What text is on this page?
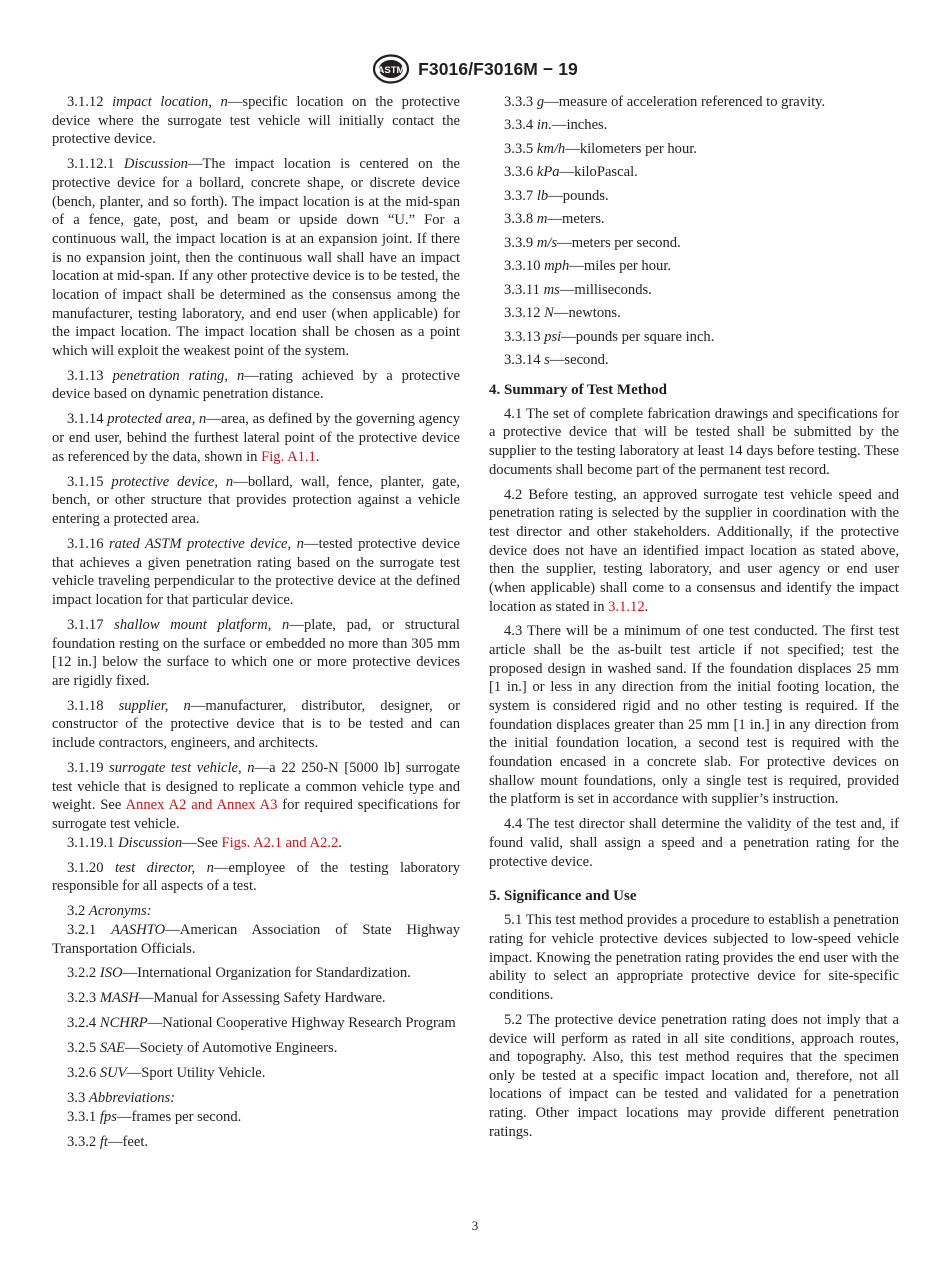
ASTM F3016/F3016M − 19

3.1.12 impact location, n—specific location on the protective device where the surrogate test vehicle will initially contact the protective device.

3.1.12.1 Discussion—The impact location is centered on the protective device for a bollard, concrete shape, or discrete device (bench, planter, and so forth). The impact location is at the mid-span of a fence, gate, post, and beam or upside down “U.” For a continuous wall, the impact location is at an expansion joint. If there is no expansion joint, then the continuous wall shall have an impact location at mid-span. If any other protective device is to be tested, the location of impact shall be determined as the consensus among the manufacturer, testing laboratory, and end user (when applicable) for the impact location. The impact location shall be chosen as a point which will exploit the weakest point of the system.

3.1.13 penetration rating, n—rating achieved by a protective device based on dynamic penetration distance.

3.1.14 protected area, n—area, as defined by the governing agency or end user, behind the furthest lateral point of the protective device as referenced by the data, shown in Fig. A1.1.

3.1.15 protective device, n—bollard, wall, fence, planter, gate, bench, or other structure that provides protection against a vehicle entering a protected area.

3.1.16 rated ASTM protective device, n—tested protective device that achieves a given penetration rating based on the surrogate test vehicle traveling perpendicular to the protective device at the defined impact location for that particular device.

3.1.17 shallow mount platform, n—plate, pad, or structural foundation resting on the surface or embedded no more than 305 mm [12 in.] below the surface to which one or more protective devices are rigidly fixed.

3.1.18 supplier, n—manufacturer, distributor, designer, or constructor of the protective device that is to be tested and can include contractors, engineers, and architects.

3.1.19 surrogate test vehicle, n—a 22 250-N [5000 lb] surrogate test vehicle that is designed to replicate a common vehicle type and weight. See Annex A2 and Annex A3 for required specifications for surrogate test vehicle.

3.1.19.1 Discussion—See Figs. A2.1 and A2.2.

3.1.20 test director, n—employee of the testing laboratory responsible for all aspects of a test.

3.2 Acronyms:

3.2.1 AASHTO—American Association of State Highway Transportation Officials.

3.2.2 ISO—International Organization for Standardization.

3.2.3 MASH—Manual for Assessing Safety Hardware.

3.2.4 NCHRP—National Cooperative Highway Research Program

3.2.5 SAE—Society of Automotive Engineers.

3.2.6 SUV—Sport Utility Vehicle.

3.3 Abbreviations:

3.3.1 fps—frames per second.

3.3.2 ft—feet.

3.3.3 g—measure of acceleration referenced to gravity.

3.3.4 in.—inches.

3.3.5 km/h—kilometers per hour.

3.3.6 kPa—kiloPascal.

3.3.7 lb—pounds.

3.3.8 m—meters.

3.3.9 m/s—meters per second.

3.3.10 mph—miles per hour.

3.3.11 ms—milliseconds.

3.3.12 N—newtons.

3.3.13 psi—pounds per square inch.

3.3.14 s—second.

4. Summary of Test Method

4.1 The set of complete fabrication drawings and specifications for a protective device that will be tested shall be submitted by the supplier to the testing laboratory at least 14 days before testing. These documents shall become part of the permanent test record.

4.2 Before testing, an approved surrogate test vehicle speed and penetration rating is selected by the supplier in coordination with the test director and other stakeholders. Additionally, if the protective device does not have an identified impact location as stated above, then the supplier, testing laboratory, and user agency or end user (when applicable) shall come to a consensus and identify the impact location as stated in 3.1.12.

4.3 There will be a minimum of one test conducted. The first test article shall be the as-built test article if not specified; test the proposed design in washed sand. If the foundation displaces 25 mm [1 in.] or less in any direction from the initial footing location, the system is considered rigid and no other testing is required. If the foundation displaces greater than 25 mm [1 in.] in any direction from the initial foundation location, a second test is required with the foundation encased in a concrete slab. For protective devices on shallow mount foundations, only a single test is required, provided the platform is set in accordance with supplier’s instruction.

4.4 The test director shall determine the validity of the test and, if found valid, shall assign a speed and a penetration rating for the protective device.

5. Significance and Use

5.1 This test method provides a procedure to establish a penetration rating for vehicle protective devices subjected to low-speed vehicle impact. Knowing the penetration rating provides the end user with the ability to select an appropriate protective device for site-specific conditions.

5.2 The protective device penetration rating does not imply that a device will perform as rated in all site conditions, approach routes, and topography. Also, this test method requires that the specimen only be tested at a specific impact location and, therefore, not all locations of impact can be tested and validated for a penetration rating. Other impact locations may provide different penetration ratings.

3
